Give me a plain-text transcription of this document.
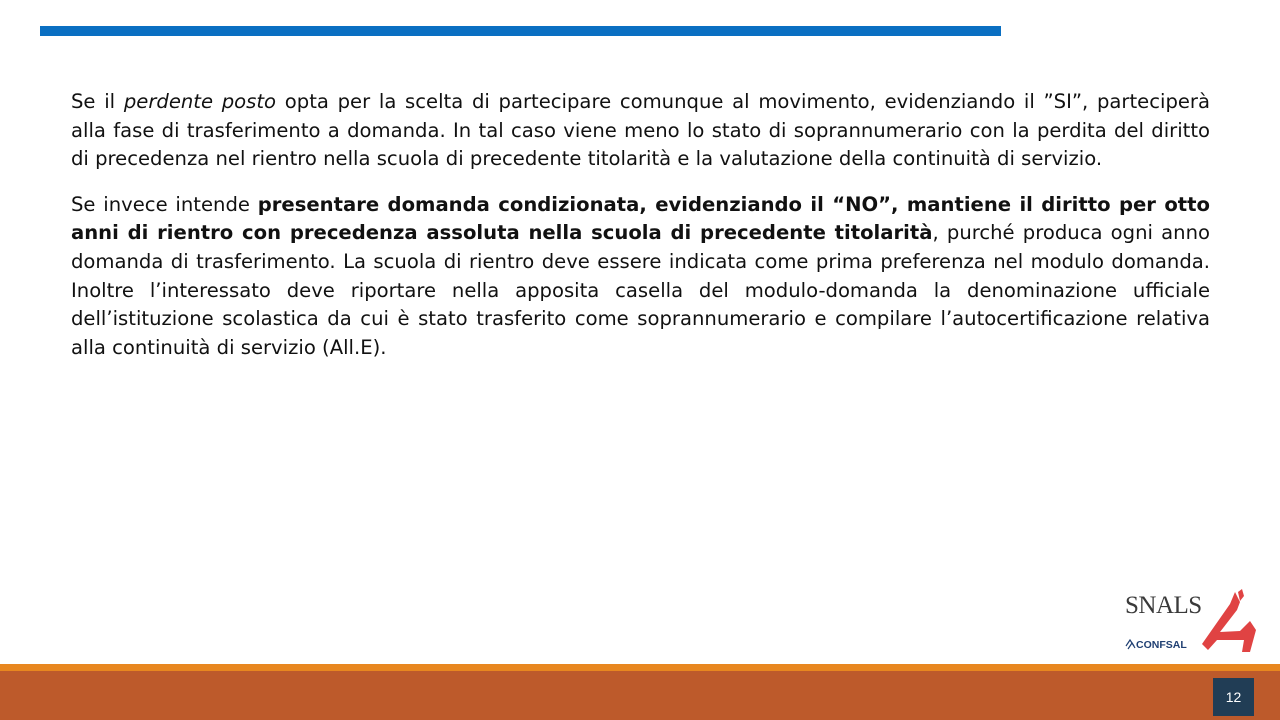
Se il perdente posto opta per la scelta di partecipare comunque al movimento, evidenziando il ”SI”, parteciperà alla fase di trasferimento a domanda. In tal caso viene meno lo stato di soprannumerario con la perdita del diritto di precedenza nel rientro nella scuola di precedente titolarità e la valutazione della continuità di servizio.

Se invece intende presentare domanda condizionata, evidenziando il “NO”, mantiene il diritto per otto anni di rientro con precedenza assoluta nella scuola di precedente titolarità, purché produca ogni anno domanda di trasferimento. La scuola di rientro deve essere indicata come prima preferenza nel modulo domanda. Inoltre l’interessato deve riportare nella apposita casella del modulo-domanda la denominazione ufficiale dell’istituzione scolastica da cui è stato trasferito come soprannumerario e compilare l’autocertificazione relativa alla continuità di servizio (All.E).

SNALS
CONFSAL
12
